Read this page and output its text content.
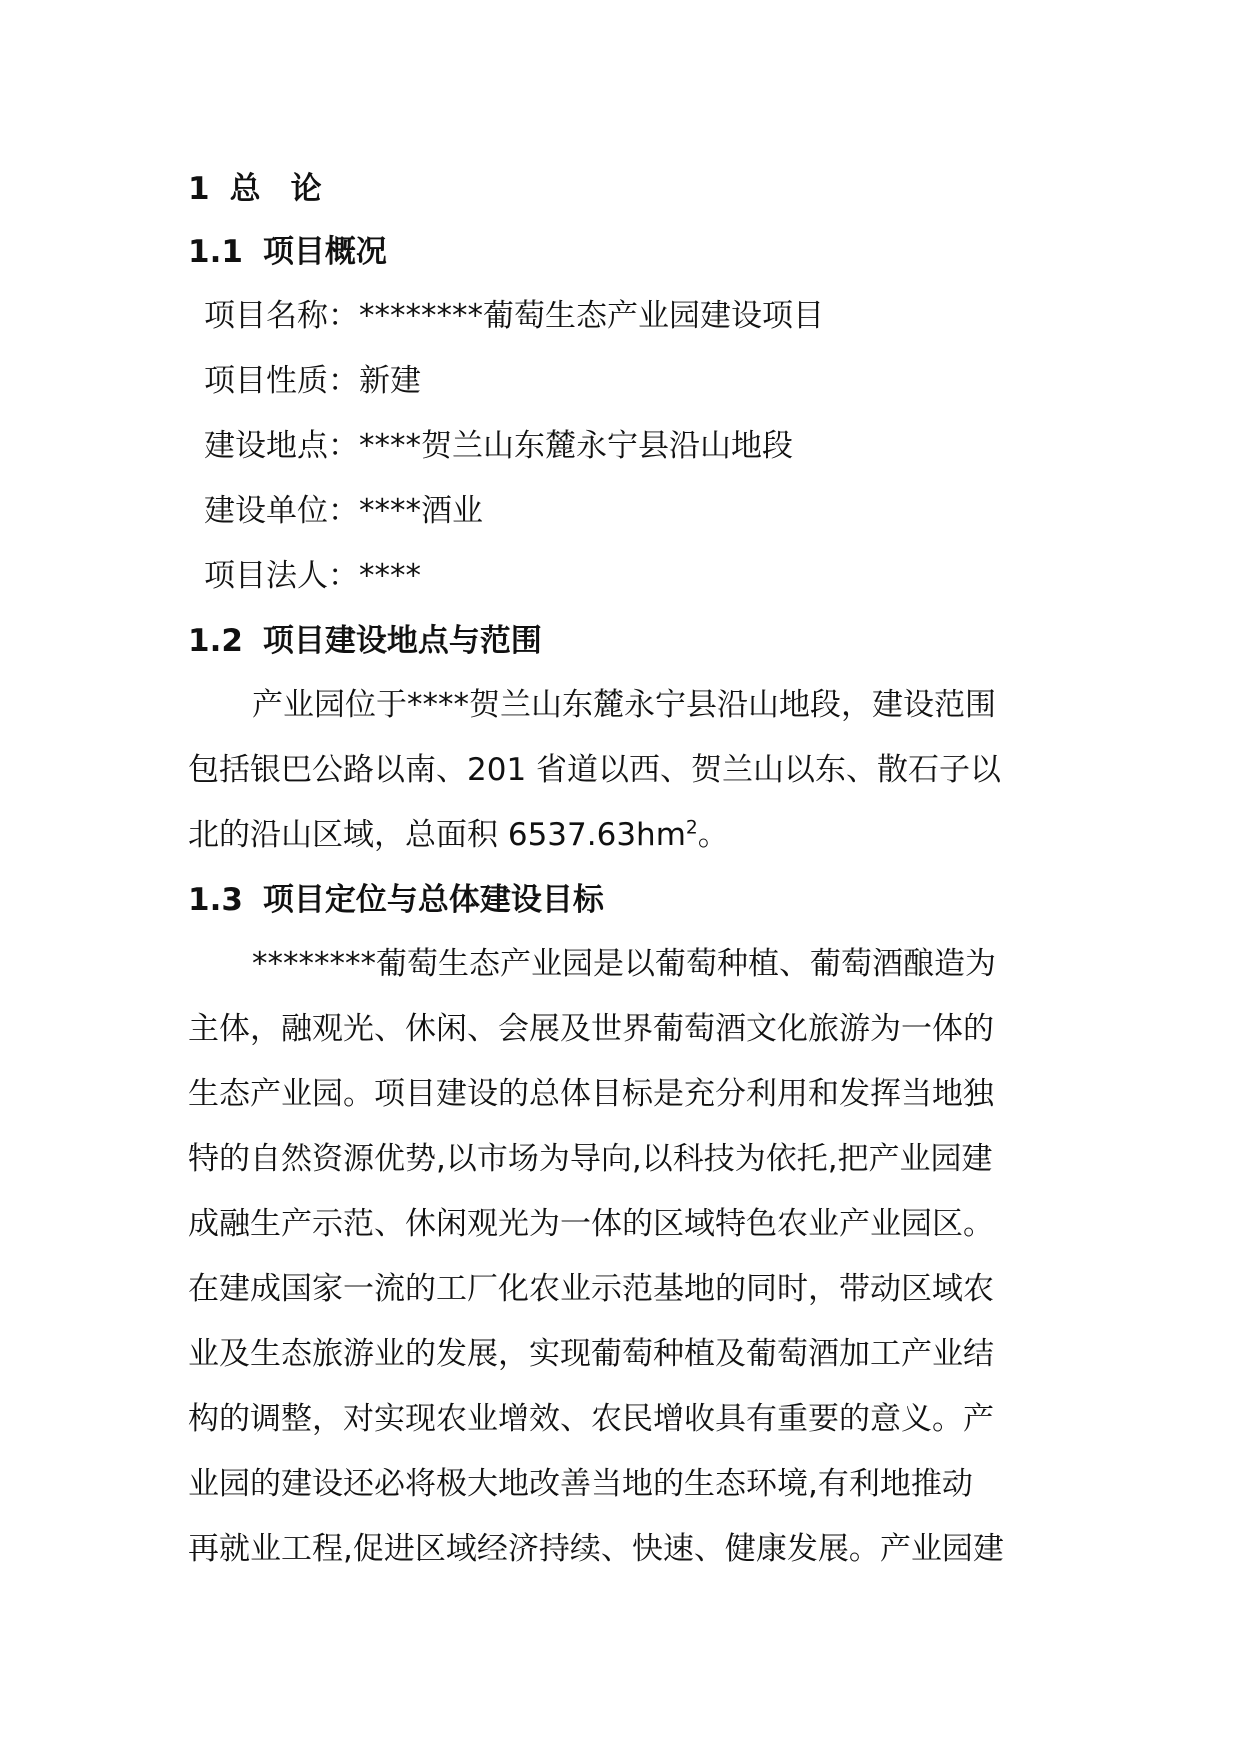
1 总 论
1.1 项目概况

项目名称：********葡萄生态产业园建设项目

项目性质：新建

建设地点：****贺兰山东麓永宁县沿山地段

建设单位：****酒业

项目法人：****

1.2 项目建设地点与范围
产业园位于****贺兰山东麓永宁县沿山地段，建设范围
包括银巴公路以南、201 省道以西、贺兰山以东、散石子以
北的沿山区域，总面积 $6537.63hm^2$。
1.3 项目定位与总体建设目标
********葡萄生态产业园是以葡萄种植、葡萄酒酿造为
主体，融观光、休闲、会展及世界葡萄酒文化旅游为一体的
生态产业园。项目建设的总体目标是充分利用和发挥当地独
特的自然资源优势,以市场为导向,以科技为依托,把产业园建
成融生产示范、休闲观光为一体的区域特色农业产业园区。
在建成国家一流的工厂化农业示范基地的同时，带动区域农
业及生态旅游业的发展，实现葡萄种植及葡萄酒加工产业结
构的调整，对实现农业增效、农民增收具有重要的意义。产
业园的建设还必将极大地改善当地的生态环境,有利地推动
再就业工程,促进区域经济持续、快速、健康发展。产业园建
